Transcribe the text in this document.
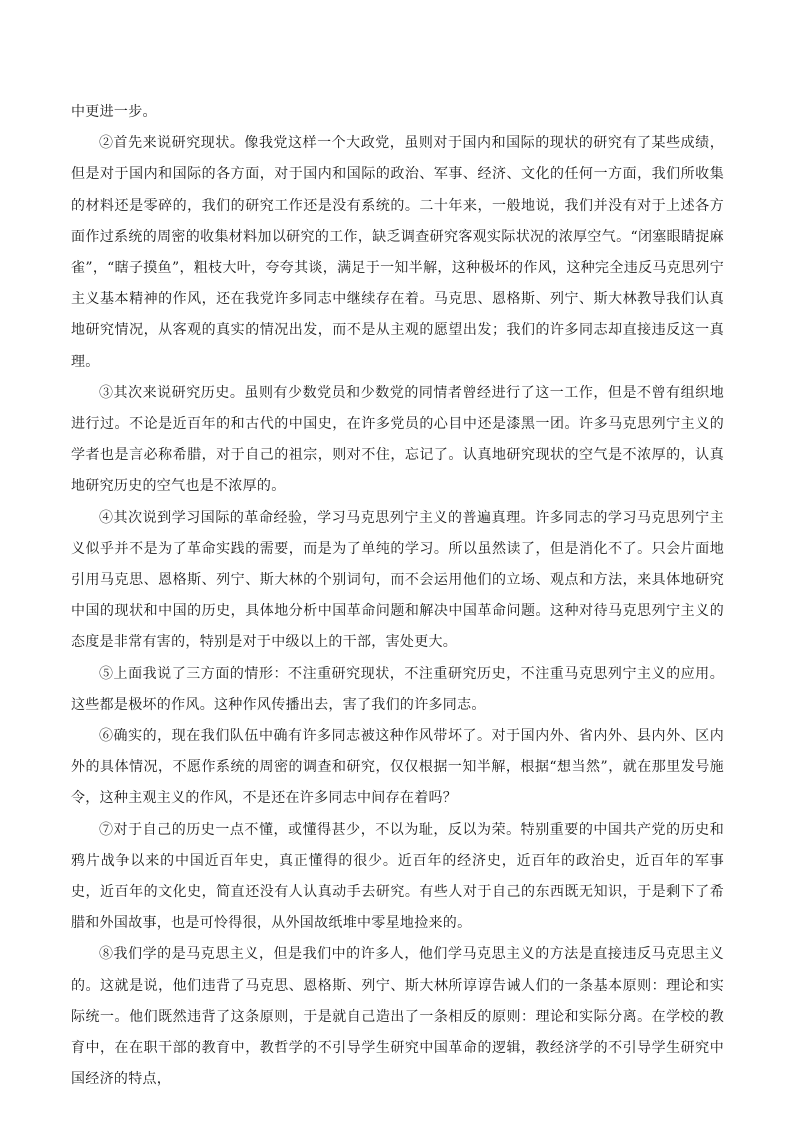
中更进一步。

②首先来说研究现状。像我党这样一个大政党，虽则对于国内和国际的现状的研究有了某些成绩，但是对于国内和国际的各方面，对于国内和国际的政治、军事、经济、文化的任何一方面，我们所收集的材料还是零碎的，我们的研究工作还是没有系统的。二十年来，一般地说，我们并没有对于上述各方面作过系统的周密的收集材料加以研究的工作，缺乏调查研究客观实际状况的浓厚空气。“闭塞眼睛捉麻雀”，“瞎子摸鱼”，粗枝大叶，夸夸其谈，满足于一知半解，这种极坏的作风，这种完全违反马克思列宁主义基本精神的作风，还在我党许多同志中继续存在着。马克思、恩格斯、列宁、斯大林教导我们认真地研究情况，从客观的真实的情况出发，而不是从主观的愿望出发；我们的许多同志却直接违反这一真理。

③其次来说研究历史。虽则有少数党员和少数党的同情者曾经进行了这一工作，但是不曾有组织地进行过。不论是近百年的和古代的中国史，在许多党员的心目中还是漆黑一团。许多马克思列宁主义的学者也是言必称希腊，对于自己的祖宗，则对不住，忘记了。认真地研究现状的空气是不浓厚的，认真地研究历史的空气也是不浓厚的。

④其次说到学习国际的革命经验，学习马克思列宁主义的普遍真理。许多同志的学习马克思列宁主义似乎并不是为了革命实践的需要，而是为了单纯的学习。所以虽然读了，但是消化不了。只会片面地引用马克思、恩格斯、列宁、斯大林的个别词句，而不会运用他们的立场、观点和方法，来具体地研究中国的现状和中国的历史，具体地分析中国革命问题和解决中国革命问题。这种对待马克思列宁主义的态度是非常有害的，特别是对于中级以上的干部，害处更大。

⑤上面我说了三方面的情形：不注重研究现状，不注重研究历史，不注重马克思列宁主义的应用。这些都是极坏的作风。这种作风传播出去，害了我们的许多同志。

⑥确实的，现在我们队伍中确有许多同志被这种作风带坏了。对于国内外、省内外、县内外、区内外的具体情况，不愿作系统的周密的调查和研究，仅仅根据一知半解，根据“想当然”，就在那里发号施令，这种主观主义的作风，不是还在许多同志中间存在着吗？

⑦对于自己的历史一点不懂，或懂得甚少，不以为耻，反以为荣。特别重要的中国共产党的历史和鸦片战争以来的中国近百年史，真正懂得的很少。近百年的经济史，近百年的政治史，近百年的军事史，近百年的文化史，简直还没有人认真动手去研究。有些人对于自己的东西既无知识，于是剩下了希腊和外国故事，也是可怜得很，从外国故纸堆中零星地捡来的。

⑧我们学的是马克思主义，但是我们中的许多人，他们学马克思主义的方法是直接违反马克思主义的。这就是说，他们违背了马克思、恩格斯、列宁、斯大林所谆谆告诫人们的一条基本原则：理论和实际统一。他们既然违背了这条原则，于是就自己造出了一条相反的原则：理论和实际分离。在学校的教育中，在在职干部的教育中，教哲学的不引导学生研究中国革命的逻辑，教经济学的不引导学生研究中国经济的特点，
